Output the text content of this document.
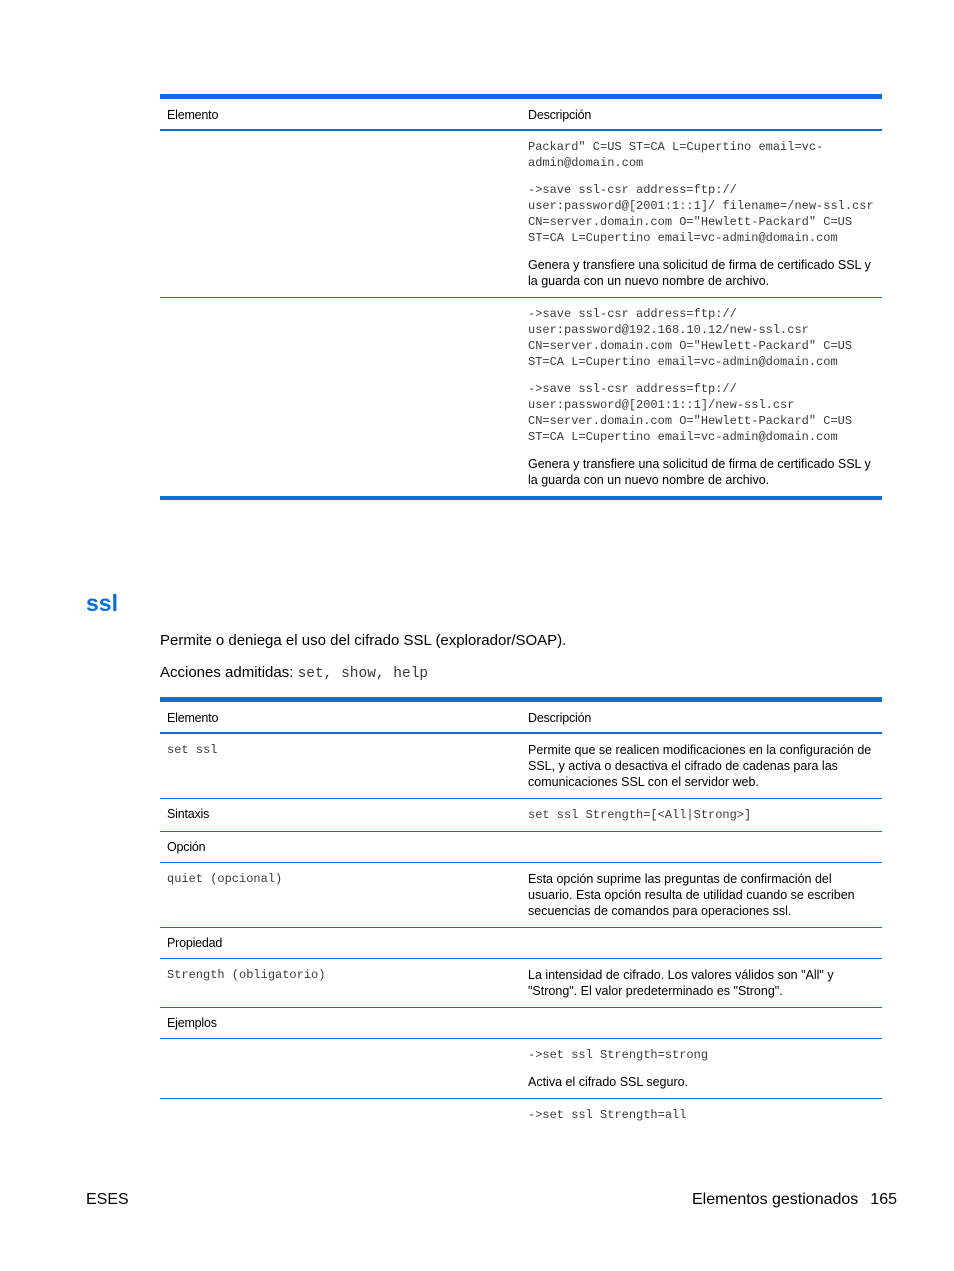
Elemento	Descripción

	Packard" C=US ST=CA L=Cupertino email=vc-admin@domain.com
->save ssl-csr address=ftp:// user:password@[2001:1::1]/ filename=/new-ssl.csr CN=server.domain.com O="Hewlett-Packard" C=US ST=CA L=Cupertino email=vc-admin@domain.com
Genera y transfiere una solicitud de firma de certificado SSL y la guarda con un nuevo nombre de archivo.

	->save ssl-csr address=ftp:// user:password@192.168.10.12/new-ssl.csr CN=server.domain.com O="Hewlett-Packard" C=US ST=CA L=Cupertino email=vc-admin@domain.com
->save ssl-csr address=ftp:// user:password@[2001:1::1]/new-ssl.csr CN=server.domain.com O="Hewlett-Packard" C=US ST=CA L=Cupertino email=vc-admin@domain.com
Genera y transfiere una solicitud de firma de certificado SSL y la guarda con un nuevo nombre de archivo.
ssl
Permite o deniega el uso del cifrado SSL (explorador/SOAP).
Acciones admitidas: set, show, help
Elemento	Descripción
set ssl	Permite que se realicen modificaciones en la configuración de SSL, y activa o desactiva el cifrado de cadenas para las comunicaciones SSL con el servidor web.
Sintaxis	set ssl Strength=[<All|Strong>]
Opción	
quiet (opcional)	Esta opción suprime las preguntas de confirmación del usuario. Esta opción resulta de utilidad cuando se escriben secuencias de comandos para operaciones ssl.
Propiedad	
Strength (obligatorio)	La intensidad de cifrado. Los valores válidos son "All" y "Strong". El valor predeterminado es "Strong".
Ejemplos	

	->set ssl Strength=strong
Activa el cifrado SSL seguro.

	->set ssl Strength=all
ESES	Elementos gestionados 165
